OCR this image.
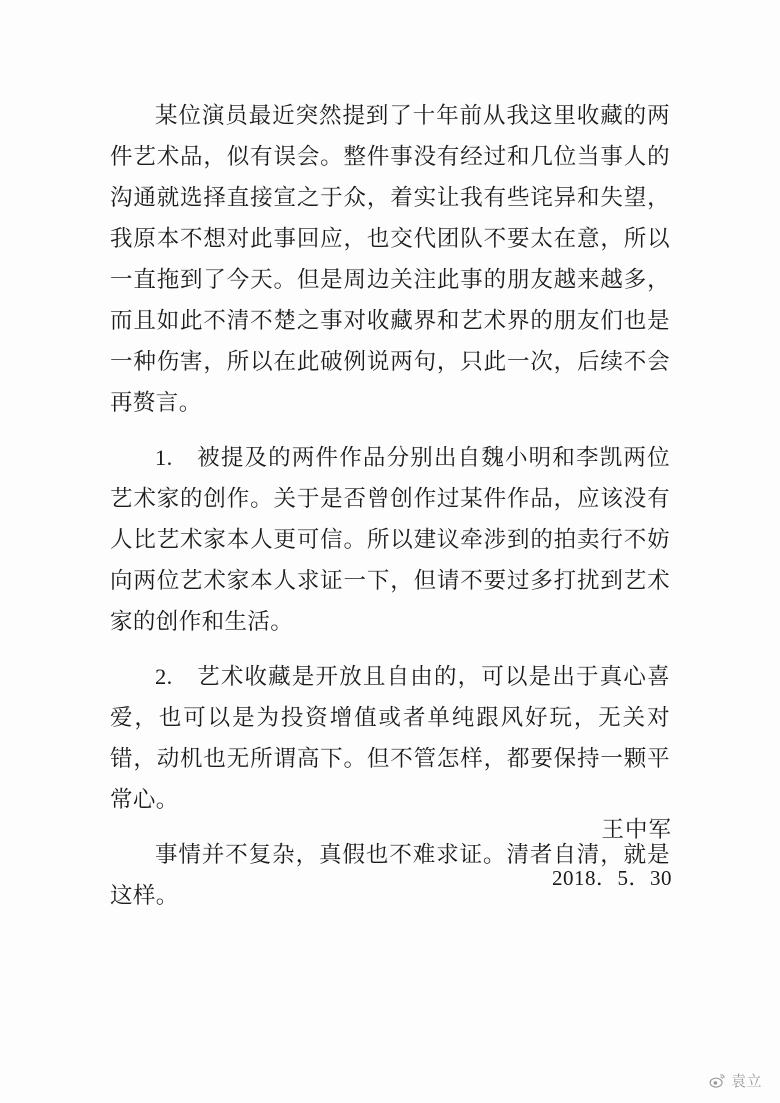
某位演员最近突然提到了十年前从我这里收藏的两件艺术品，似有误会。整件事没有经过和几位当事人的沟通就选择直接宣之于众，着实让我有些诧异和失望，我原本不想对此事回应，也交代团队不要太在意，所以一直拖到了今天。但是周边关注此事的朋友越来越多，而且如此不清不楚之事对收藏界和艺术界的朋友们也是一种伤害，所以在此破例说两句，只此一次，后续不会再赘言。

1.　被提及的两件作品分别出自魏小明和李凯两位艺术家的创作。关于是否曾创作过某件作品，应该没有人比艺术家本人更可信。所以建议牵涉到的拍卖行不妨向两位艺术家本人求证一下，但请不要过多打扰到艺术家的创作和生活。

2.　艺术收藏是开放且自由的，可以是出于真心喜爱，也可以是为投资增值或者单纯跟风好玩，无关对错，动机也无所谓高下。但不管怎样，都要保持一颗平常心。

事情并不复杂，真假也不难求证。清者自清，就是这样。

王中军
2018．5．30
袁立
